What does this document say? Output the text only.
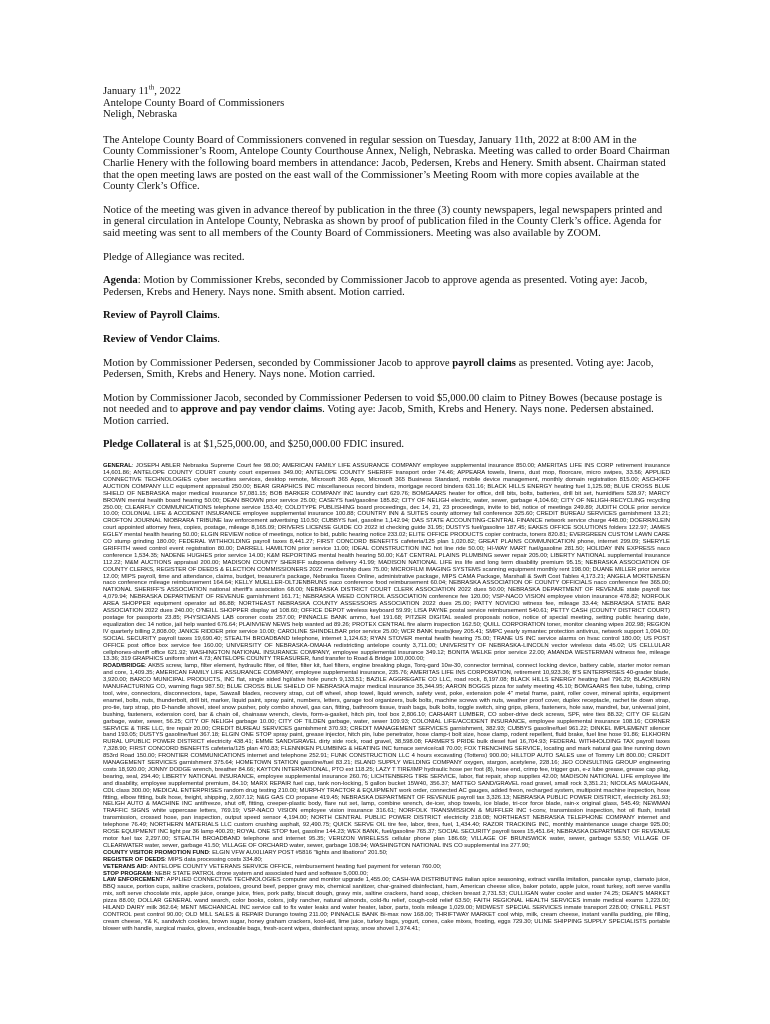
January 11th, 2022
Antelope County Board of Commissioners
Neligh, Nebraska

The Antelope County Board of Commissioners convened in regular session on Tuesday, January 11th, 2022 at 8:00 AM in the County Commissioner’s Room, Antelope County Courthouse Annex, Neligh, Nebraska. Meeting was called to order Board Chairman Charlie Henery with the following board members in attendance: Jacob, Pedersen, Krebs and Henery. Smith absent. Chairman stated that the open meeting laws are posted on the east wall of the Commissioner’s Meeting Room with more copies available at the County Clerk’s Office.

Notice of the meeting was given in advance thereof by publication in the three (3) county newspapers, legal newspapers printed and in general circulation in Antelope County, Nebraska as shown by proof of publication filed in the County Clerk’s office. Agenda for said meeting was sent to all members of the County Board of Commissioners. Meeting was also available by ZOOM.

Pledge of Allegiance was recited.

Agenda: Motion by Commissioner Krebs, seconded by Commissioner Jacob to approve agenda as presented. Voting aye: Jacob, Pedersen, Krebs and Henery. Nays none. Smith absent. Motion carried.

Review of Payroll Claims.

Review of Vendor Claims.

Motion by Commissioner Pedersen, seconded by Commissioner Jacob to approve payroll claims as presented. Voting aye: Jacob, Pedersen, Smith, Krebs and Henery. Nays none. Motion carried.

Motion by Commissioner Jacob, seconded by Commissioner Pedersen to void $5,000.00 claim to Pitney Bowes (because postage is not needed and to approve and pay vendor claims. Voting aye: Jacob, Smith, Krebs and Henery. Nays none. Pedersen abstained. Motion carried.

Pledge Collateral is at $1,525,000.00, and $250,000.00 FDIC insured.

GENERAL: JOSEPH ABLER Nebraska Supreme Court fee 98.00; AMERICAN FAMILY LIFE ASSURANCE COMPANY employee supplemental insurance 850.00; AMERITAS LIFE INS CORP retirement insurance 14,601.86; ANTELOPE COUNTY COURT county court expenses 349.00; ANTELOPE COUNTY SHERIFF transport order 74.46; APPEARA towels, linens, dust mop, floorcare, micro swipes, 33.56; APPLIED CONNECTIVE TECHNOLOGIES cyber securities services, desktop remote, Microsoft 365 Apps, Microsoft 365 Business Standard, mobile device management, monthly domain registration 815.00; ASCHOFF AUCTION COMPANY LLC equipment appraisal 250.00; BEAR GRAPHICS INC miscellaneous record binders, mortgage record binders 631.16; BLACK HILLS ENERGY heating fuel 1,125.98; BLUE CROSS BLUE SHIELD OF NEBRASKA major medical insurance 57,081.15; BOB BARKER COMPANY INC laundry cart 629.76; BOMGAARS heater for office, drill bits, bolts, batteries, drill bit set, humidifiers 528.97; MARCY BROWN mental health board hearing 50.00; DEAN BROWN prior service 25.00; CASEYS fuel/gasoline 185.82; CITY OF NELIGH electric, water, sewer, garbage 4,104.60; CITY OF NELIGH-RECYCLING recycling 250.00; CLEARFLY COMMUNICATIONS telephone service 153.40; COLDTYPE PUBLISHING board proceedings, dec 14, 21, 23 proceedings, invite to bid, notice of meetings 249.89; JUDITH COLE prior service 10.00; COLONIAL LIFE & ACCIDENT INSURANCE employee supplemental insurance 100.88; COUNTRY INN & SUITES county attorney fall conference 325.60; CREDIT BUREAU SERVICES garnishment 13.21; CROFTON JOURNAL NIOBRARA TRIBUNE law enforcement advertising 110.50; CUBBYS fuel, gasoline 1,142.94; DAS STATE ACCOUNTING-CENTRAL FINANCE network service charge 448.00; DOERR/KLEIN court appointed attorney fees, copies, postage, mileage 8,165.09; DRIVERS LICENSE GUIDE CO 2022 id checking guide 31.95; DUSTYS fuel/gasoline 187.45; EAKES OFFICE SOLUTIONS folders 122.97; JAMES EGLEY mental health hearing 50.00; ELGIN REVIEW notice of meetings, notice to bid, public hearing notice 233.02; ELITE OFFICE PRODUCTS copier contracts, toners 820.81; EVERGREEN CUSTOM LAWN CARE CO stump grinding 180.00; FEDERAL WITHHOLDING payroll taxes 8,441.27; FIRST CONCORD BENEFITS cafeteria/125 plan 1,020.82; GREAT PLAINS COMMUNICATION phone, internet 299.09; SHERYLE GRIFFITH weed control event registration 80.00; DARRELL HAMILTON prior service 11.00; IDEAL CONSTRUCTION INC hot line ride 50.00; HI-WAY MART fuel/gasoline 281.50; HOLIDAY INN EXPRESS naco conference 1,534.35; NADENE HUGHES prior service 14.00; K&M REPORTING mental health hearing 50.00; K&T CENTRAL PLAINS PLUMBING sewer repair 205.00; LIBERTY NATIONAL supplemental insurance 112.22; M&M AUCTIONS appraisal 200.00; MADISON COUNTY SHERIFF subpoena delivery 41.99; MADISON NATIONAL LIFE ins life and long term disability premium 95.15; NEBRASKA ASSOCIATION OF COUNTY CLERKS, REGISTER OF DEEDS & ELECTION COMMISSIONERS 2022 membership dues 75.00; MICROFILM IMAGING SYSTEMS scanning equipment monthly rent 198.00; DUANE MILLER prior service 12.00; MIPS payroll, time and attendance, claims, budget, treasurer's package, Nebraska Taxes Online, administrative package, MIPS CAMA Package, Marshall & Swift Cost Tables 4,173.21; ANGELA MORTENSEN naco conference mileage reimbursement 164.64; KELLY MUELLER-OLTJENBRUNS naco conference food reimbursement 60.04; NEBRASKA ASSOCIATION OF COUNTY OFFICIALS naco conference fee 365.00; NATIONAL SHERIFF'S ASSOCIATION national sheriff's association 68.00; NEBRASKA DISTRICT COURT CLERK ASSOCIATION 2022 dues 50.00; NEBRASKA DEPARTMENT OF REVENUE state payroll tax 4,079.94; NEBRASKA DEPARTMENT OF REVENUE garnishment 161.71; NEBRASKA WEED CONTROL ASSOCIATION conference fee 120.00; VSP-NACO VISION employee vision insurance 478.82; NORFOLK AREA SHOPPER equipment operator ad 86.88; NORTHEAST NEBRASKA COUNTY ASSESSORS ASSOCIATION 2022 dues 25.00; PATTY NOVICKI witness fee, mileage 33.44; NEBRASKA STATE BAR ASSOCIATION 2022 dues 240.00; O'NEILL SHOPPER display ad 108.60; OFFICE DEPOT wireless keyboard 59.99; LISA PAYNE postal service reimbursement 540.61; PETTY CASH (COUNTY DISTRICT COURT) postage for passports 23.85; PHYSICIANS LAB coroner costs 257.00; PINNACLE BANK ammo, fuel 191.68; PITZER DIGITAL sealed proposals notice, notice of special meeting, setting public hearing date, equalization dec 14 notice, jail help wanted 676.64; PLAINVIEW NEWS help wanted ad 89.26; PROTEX CENTRAL fire alarm inspection 162.50; QUILL CORPORATION toner, monitor cleaning wipes 202.98; REGION IV quarterly billing 2,808.00; JANICE RIDDER prior service 10.00; CAROLINE SHINDELBAR prior service 25.00; WCR BANK trusts/jkwy 205.41; SMPC yearly symantec protection antivirus, network support 1,094.00; SOCIAL SECURITY payroll taxes 19,690.40; STEALTH BROADBAND telephone, internet 1,124.63; RYAN STOVER mental health hearing 75.00; TRANE US INC service alarms on hvac control 180.00; US POST OFFICE post office box service fee 160.00; UNIVERSITY OF NEBRASKA-OMAHA redistricting antelope county 3,711.00; UNIVERSITY OF NEBRASKA-LINCOLN vector wireless data 45.02; US CELLULAR cellphones-sheriff office 621.92; WASHINGTON NATIONAL INSURANCE COMPANY, employee supplemental insurance 349.12; BONITA WELKE prior service 22.00; AMANDA WESTERMAN witness fee, mileage 13.36; 319 GRAPHICS uniform shirt 4.73; ANTELOPE COUNTY TREASURER, fund transfer to Road & Bridge 100,000.00;

ROAD/BRIDGE: AKBS screw, lamp, filter element, hydraulic filter, oil filter, filter kit, fuel filters, engine breaking plugs, Torq-gard 10w-30, connector terminal, connect locking device, battery cable, starter motor reman and core, 1,409.35; AMERICAN FAMILY LIFE ASSURANCE COMPANY, employee supplemental insurance, 235.76; AMERITAS LIFE INS CORPORATION, retirement 10,923.36; B'S ENTERPRISES 40-grader blade, 3,920.00; BARCO MUNICIPAL PRODUCTS, INC flat, single sided hgi/ative hole punch 9,133.51; BAZILE AGGREGATE CO LLC, road rock, 8,197.08; BLACK HILLS ENERGY heating fuel 796.29; BLACKBURN MANUFACTURING CO, warning flags 987.50; BLUE CROSS BLUE SHIELD OF NEBRASKA major medical insurance 35,344.95; AARON BOGGS pizza for safety meeting 45.10; BOMGAARS flex tube, tubing, crimp tool, wire, connectors, disconnectors, tape, Sawzall blades, recovery strap, cut off wheel, shop towel, liquid wrench, safety vest, poke, extension pole 4" metal frame, paint, roller cover, mineral spirits, equipment enamel, bolts, nuts, thunderbolt, drill bit, marker, liquid paint, spray paint, numbers, letters, garage tool organizers, bulk bolts, machine screws with nuts, weather proof cover, duplex receptacle, rachet tie down strap, pro-tie, tarp strap, pto D-handle shovel, steel snow pusher, poly combo shovel, gas can, fitting, bathroom tissue, trash bags, bulk bolts, toggle switch, sing grips, pliers, fasteners, hole saw, mandrel, bur, universal joint, bushing, fasteners, extension cord, bar & chain oil, chainsaw wrench, clevis, form-a-gasket, hitch pin, tool box 2,806.10; CARHART LUMBER, CO sober-drive deck screws, SPF, wire ties 88.32; CITY OF ELGIN garbage, water, sewer, 56.25; CITY OF NELIGH garbage 10.00; CITY OF TILDEN garbage, water, sewer 109.93; COLONIAL LIFE/ACCIDENT INSURANCE, employee supplemental insurance 108.16; CORNER SERVICE & TIRE LLC, tire repair 20.00; CREDIT BUREAU SERVICES garnishment 370.93; CREDIT MANAGEMENT SERVICES garnishment, 382.93; CUBBYS gasoline/fuel 961.22; DINKEL IMPLEMENT silencer band 193.05; DUSTYS gasoline/fuel 367.18; ELGIN ONE STOP spray paint, grease injector, hitch pin, lube penetrator, hose clamp-t bolt size, hose clamp, rodent repellent, fluid brake, fuel line hose 91.86; ELKHORN RURAL UPUBLIC POWER DISTRICT electricity 438.41; EMME SAND/GRAVEL dirty side rock, road gravel, 38,598.08; FARMER'S PRIDE bulk diesel fuel 16,704.93; FEDERAL WITHHOLDING TAX payroll taxes 7,328.90; FIRST CONCORD BENEFITS cafeteria/125 plan 470.83; FLENNIKEN PLUMBING & HEATING INC furnace service/call 70.00; FOX TRENCHING SERVICE, locating and mark natural gas line running down 853rd Road 150.00; FRONTIER COMMUNICATIONS internet and telephone 252.91; FUNK CONSTRUCTION LLC 4 hours excavating (Tottens) 900.00; HILLTOP AUTO SALES use of Tommy Lift 800.00; CREDIT MANAGEMENT SERVICES garnishment 375.64; HOMETOWN STATION gasoline/fuel 83.21; ISLAND SUPPLY WELDING COMPANY oxygen, stargon, acetylene, 228.16; JEO CONSULTING GROUP engineering costs 18,920.00; JONNY DODGE wrench, breather 84.66; KAYTON INTERNATIONAL, PTO ext 118.25; LAZY T TIRE/IMP hydraulic hose per foot (8), hose end, crimp fee, trigger gun, e-z lube grease, grease cap plug, bearing, seal, 294.40; LIBERTY NATIONAL INSURANCE, employee supplemental insurance 260.76; LICHTENBERG TIRE SERVICE, labor, flat repair, shop supplies 42.00; MADISON NATIONAL LIFE employee life and disability, employee supplemental premium, 84.10; MARX REPAIR fuel cap, tank non-locking, 5 gallon bucket 15W40, 356.37; MATTEO SAND/GRAVEL road gravel, small rock 3,351.21; NICOLAS MAUGHAN, CDL class 300.00; MEDICAL ENTERPRISES random drug testing 210.00; MURPHY TRACTOR & EQUIPMENT work order, connected AC gauges, added freon, recharged system, multipoint machine inspection, hose fitting, elbow fitting, bulk hose, freight, shipping, 2,607.12; N&G GAS CO propane 419.45; NEBRASKA DEPARTMENT OF REVENUE payroll tax 3,326.13; NEBRASKA PUBLIC POWER DISTRICT, electricity 261.93; NELIGH AUTO & MACHINE INC antifreeze, shut off, fitting, creeper-plastic body, flare nut set, lamp, combine wrench, de-icer, shop towels, ice blade, tri-cor force blade, rain-x original glass, 545.49; NEWMAN TRAFFIC SIGNS white uppercase letters, 769.19; VSP-NACO VISION employee vision insurance 316.61; NORFOLK TRANSMISSION & MUFFLER INC t-conv, transmission inspection, hot oil flush, install transmission, crossed hose, pan inspection, output speed sensor 4,194.00; NORTH CENTRAL PUBLIC POWER DISTRICT electricity 218.08; NORTHEAST NEBRASKA TELEPHONE COMPANY internet and telephone 76.49; NORTHERN MATERIALS LLC custom crushing asphalt, 92,490.75; QUICK SERVE OIL tire fee, labor, tires, fuel, 1,434.40; RAZOR TRACKING INC, monthly maintenance usage charge 925.00; ROSE EQUIPMENT INC light par 36 lamp 400.20; ROYAL ONE STOP fuel, gasoline 144.23; WEX BANK, fuel/gasoline 765.37; SOCIAL SECURITY payroll taxes 15,451.64; NEBRASKA DEPARTMENT OF REVENUE motor fuel tax 2,297.00; STEALTH BROADBAND telephone and internet 95.35; VERIZON WIRELESS cellular phone plan 186.69; VILLAGE OF BRUNSWICK water, sewer, garbage 53.50; VILLAGE OF CLEARWATER water, sewer, garbage 41.50; VILLAGE OF ORCHARD water, sewer, garbage 108.94; WASHINGTON NATIONAL INS CO supplemental ins 277.90;

COUNTY VISITOR PROMOTION FUND: ELGIN VFW AUXILIARY POST #5816 "lights and libations" 201.50;

REGISTER OF DEEDS: MIPS data processing costs 334.80;

VETERANS AID: ANTELOPE COUNTY VETERANS SERVICE OFFICE, reimbursement heating fuel payment for veteran 760.00;

STOP PROGRAM: NEBR STATE PATROL drone system and associated hard and software 5,000.00;

LAW ENFORCEMENT: APPLIED CONNECTIVE TECHNOLOGIES computer and monitor upgrade 1,455.00; CASH-WA DISTRIBUTING italian spice seasoning, extract vanilla imitation, pancake syrup, clamato juice, BBQ sauce, portion cups, saltine crackers, potatoes, ground beef, pepper gravy mix, chemical sanitizer, char-grained disinfectant, ham, American cheese slice, baker potato, apple juice, roast turkey, soft serve vanilla mix, soft serve chocolate mix, apple juice, orange juice, fries, pork patty, biscuit dough, gravy mix, saltine crackers, hand soap, chicken breast 2,731.53; CULLIGAN water cooler and water 74.25; DEAN'S MARKET pizza 88.00; DOLLAR GENERAL wand search, color books, colors, jolly rancher, natural almonds, cold-flu relief, cough-cold relief 63.50; FAITH REGIONAL HEALTH SERVICES inmate medical exams 1,223.00; HILAND DAIRY milk 362.64; MENT MECHANICAL INC service call to fix water leaks and water heater, labor, parts, tools mileage 1,029.00; MIDWEST SPECIAL SERVICES inmate transport 228.00; O'NEILL PEST CONTROL pest control 90.00; OLD MILL SALES & REPAIR Durango towing 211.00; PINNACLE BANK Bi-max now 168.00; THRIFTWAY MARKET cool whip, milk, cream cheese, instant vanilla pudding, pie filling, cream cheese, Y& K, sandwich cookies, brown sugar, honey graham crackers, kool-aid, lime juice, turkey bags, yogurt, cones, cake mixes, frosting, eggs 729.30; ULINE SHIPPING SUPPLY SPECIALISTS portable blower with handle, surgical masks, gloves, enclosable bags, fresh-scent wipes, disinfectant spray, snow shovel 1,974.41;
